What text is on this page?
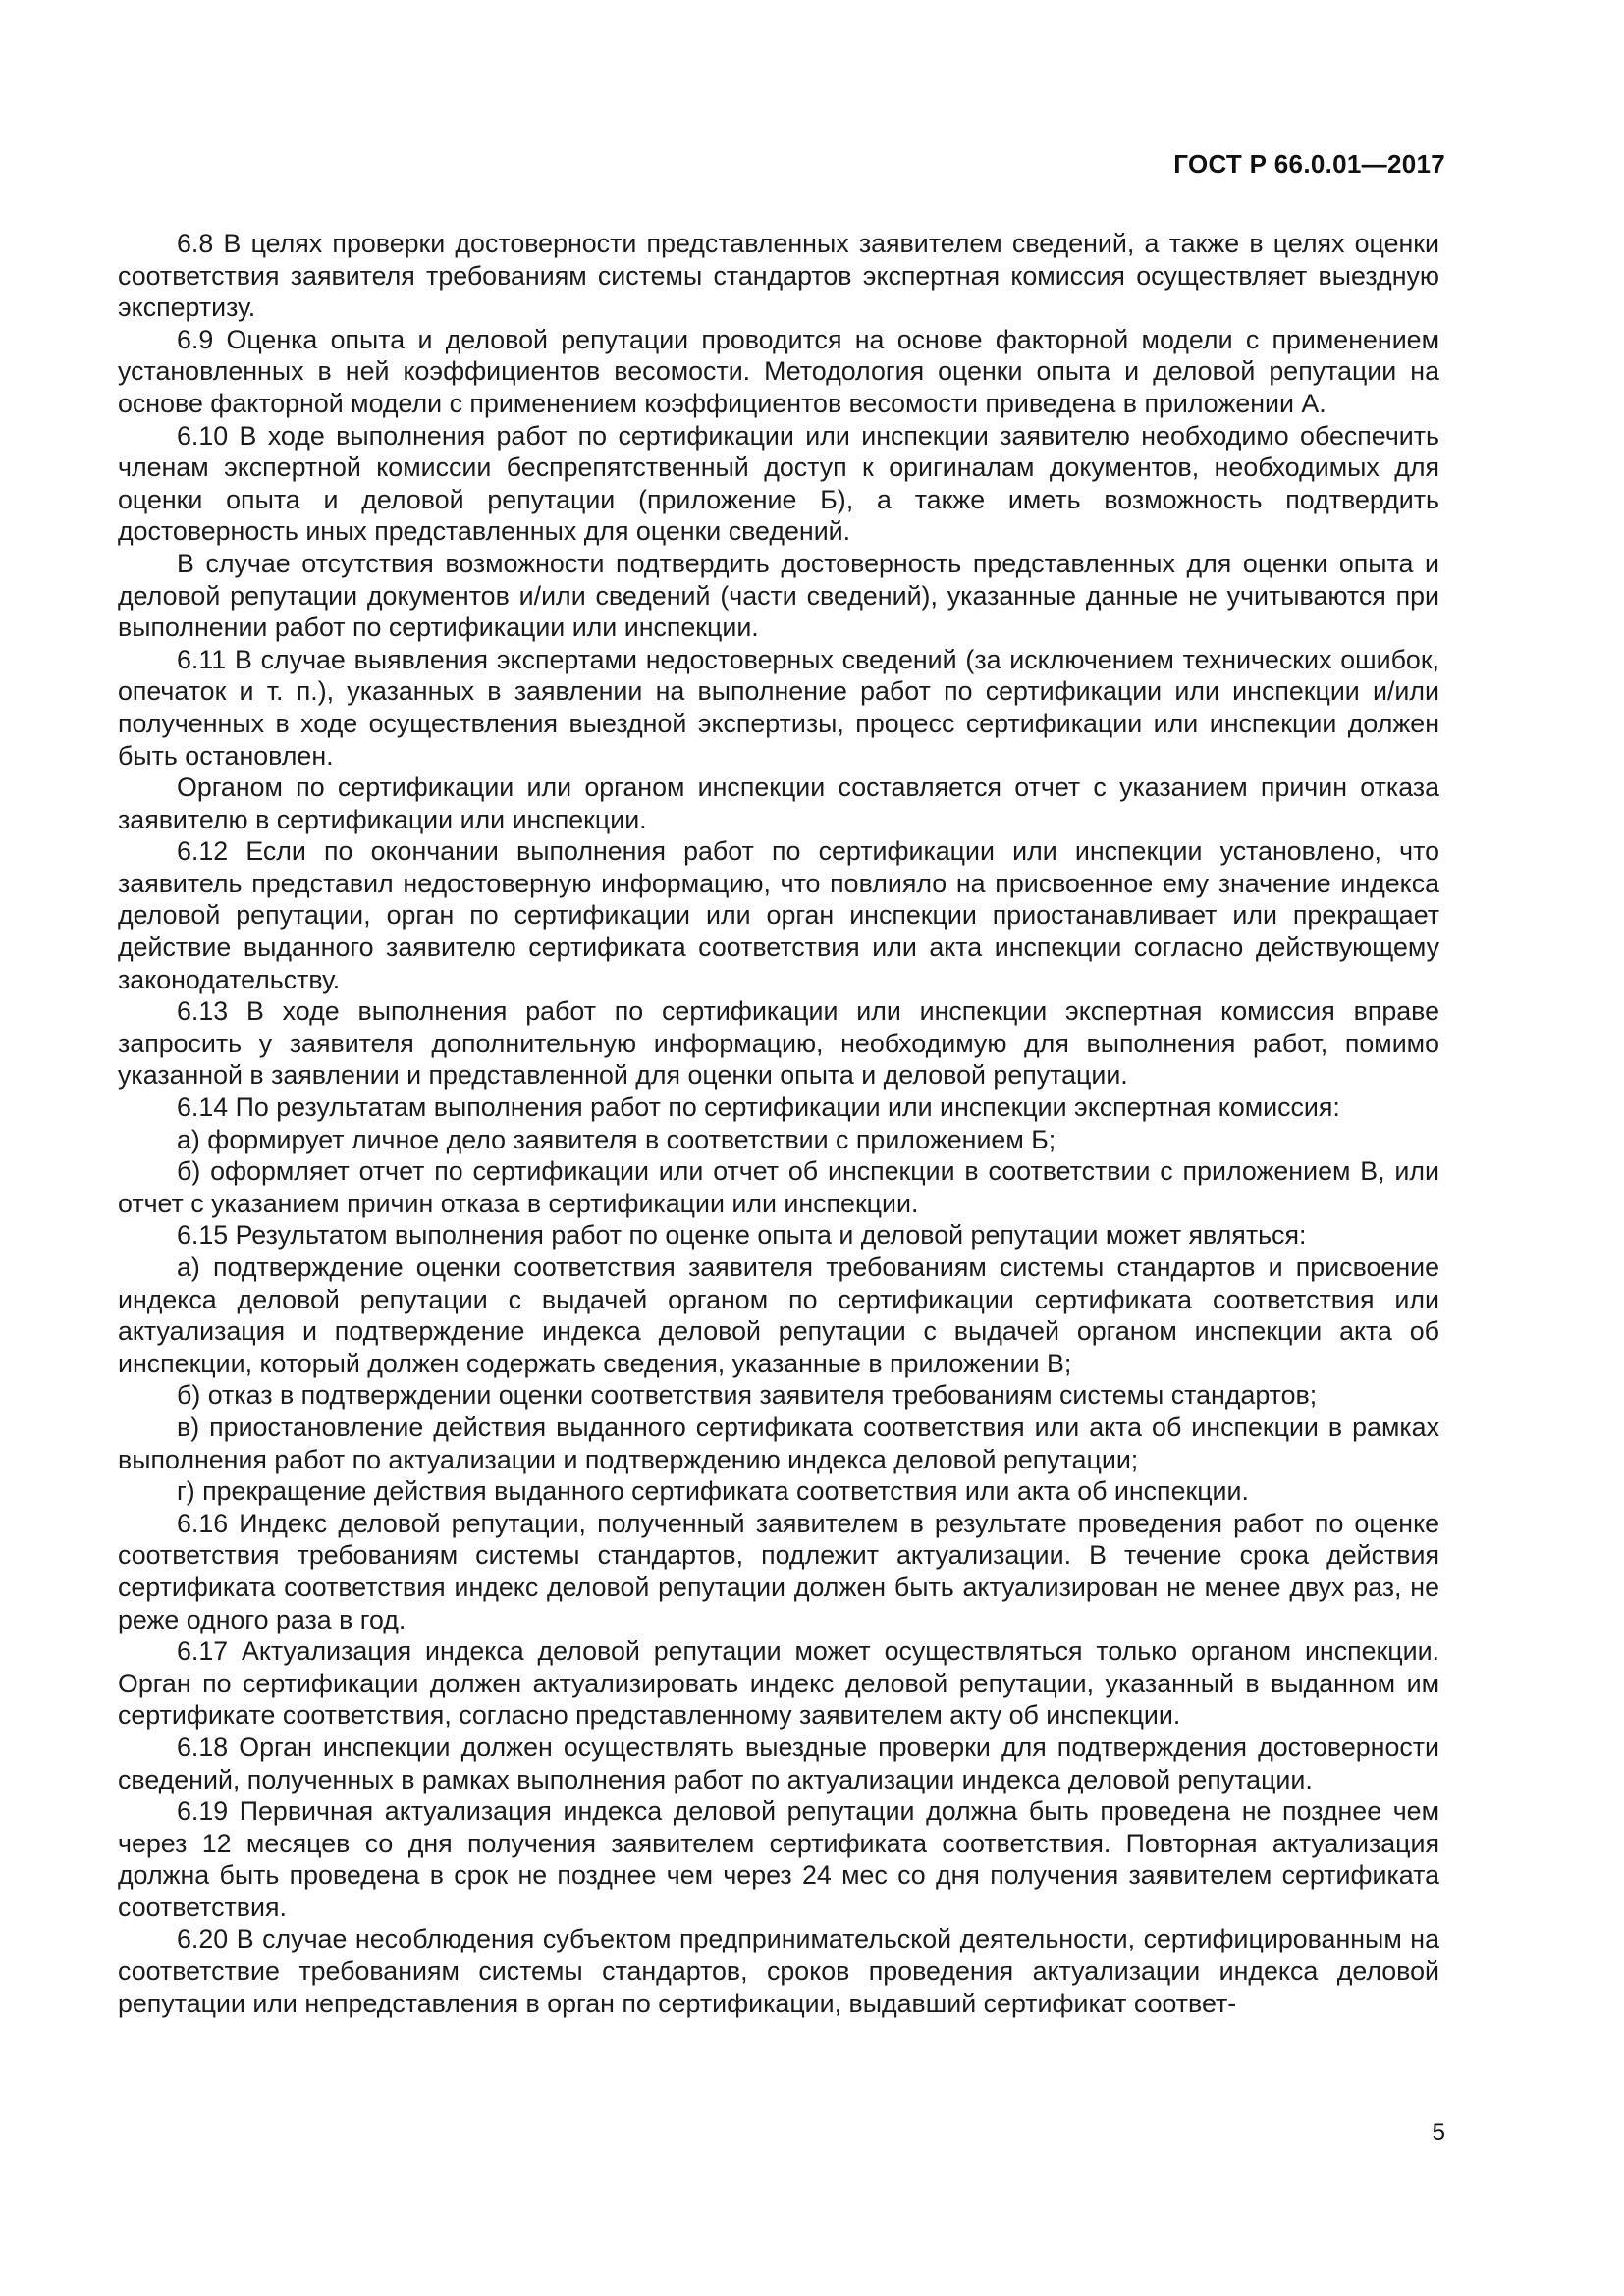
ГОСТ Р 66.0.01—2017

6.8 В целях проверки достоверности представленных заявителем сведений, а также в целях оценки соответствия заявителя требованиям системы стандартов экспертная комиссия осуществляет выездную экспертизу.

6.9 Оценка опыта и деловой репутации проводится на основе факторной модели с применением установленных в ней коэффициентов весомости. Методология оценки опыта и деловой репутации на основе факторной модели с применением коэффициентов весомости приведена в приложении А.

6.10 В ходе выполнения работ по сертификации или инспекции заявителю необходимо обеспечить членам экспертной комиссии беспрепятственный доступ к оригиналам документов, необходимых для оценки опыта и деловой репутации (приложение Б), а также иметь возможность подтвердить достоверность иных представленных для оценки сведений.

В случае отсутствия возможности подтвердить достоверность представленных для оценки опыта и деловой репутации документов и/или сведений (части сведений), указанные данные не учитываются при выполнении работ по сертификации или инспекции.

6.11 В случае выявления экспертами недостоверных сведений (за исключением технических ошибок, опечаток и т. п.), указанных в заявлении на выполнение работ по сертификации или инспекции и/или полученных в ходе осуществления выездной экспертизы, процесс сертификации или инспекции должен быть остановлен.

Органом по сертификации или органом инспекции составляется отчет с указанием причин отказа заявителю в сертификации или инспекции.

6.12 Если по окончании выполнения работ по сертификации или инспекции установлено, что заявитель представил недостоверную информацию, что повлияло на присвоенное ему значение индекса деловой репутации, орган по сертификации или орган инспекции приостанавливает или прекращает действие выданного заявителю сертификата соответствия или акта инспекции согласно действующему законодательству.

6.13 В ходе выполнения работ по сертификации или инспекции экспертная комиссия вправе запросить у заявителя дополнительную информацию, необходимую для выполнения работ, помимо указанной в заявлении и представленной для оценки опыта и деловой репутации.

6.14 По результатам выполнения работ по сертификации или инспекции экспертная комиссия:

а) формирует личное дело заявителя в соответствии с приложением Б;

б) оформляет отчет по сертификации или отчет об инспекции в соответствии с приложением В, или отчет с указанием причин отказа в сертификации или инспекции.

6.15 Результатом выполнения работ по оценке опыта и деловой репутации может являться:

а) подтверждение оценки соответствия заявителя требованиям системы стандартов и присвоение индекса деловой репутации с выдачей органом по сертификации сертификата соответствия или актуализация и подтверждение индекса деловой репутации с выдачей органом инспекции акта об инспекции, который должен содержать сведения, указанные в приложении В;

б) отказ в подтверждении оценки соответствия заявителя требованиям системы стандартов;

в) приостановление действия выданного сертификата соответствия или акта об инспекции в рамках выполнения работ по актуализации и подтверждению индекса деловой репутации;

г) прекращение действия выданного сертификата соответствия или акта об инспекции.

6.16 Индекс деловой репутации, полученный заявителем в результате проведения работ по оценке соответствия требованиям системы стандартов, подлежит актуализации. В течение срока действия сертификата соответствия индекс деловой репутации должен быть актуализирован не менее двух раз, не реже одного раза в год.

6.17 Актуализация индекса деловой репутации может осуществляться только органом инспекции. Орган по сертификации должен актуализировать индекс деловой репутации, указанный в выданном им сертификате соответствия, согласно представленному заявителем акту об инспекции.

6.18 Орган инспекции должен осуществлять выездные проверки для подтверждения достоверности сведений, полученных в рамках выполнения работ по актуализации индекса деловой репутации.

6.19 Первичная актуализация индекса деловой репутации должна быть проведена не позднее чем через 12 месяцев со дня получения заявителем сертификата соответствия. Повторная актуализация должна быть проведена в срок не позднее чем через 24 мес со дня получения заявителем сертификата соответствия.

6.20 В случае несоблюдения субъектом предпринимательской деятельности, сертифицированным на соответствие требованиям системы стандартов, сроков проведения актуализации индекса деловой репутации или непредставления в орган по сертификации, выдавший сертификат соответ-

5
